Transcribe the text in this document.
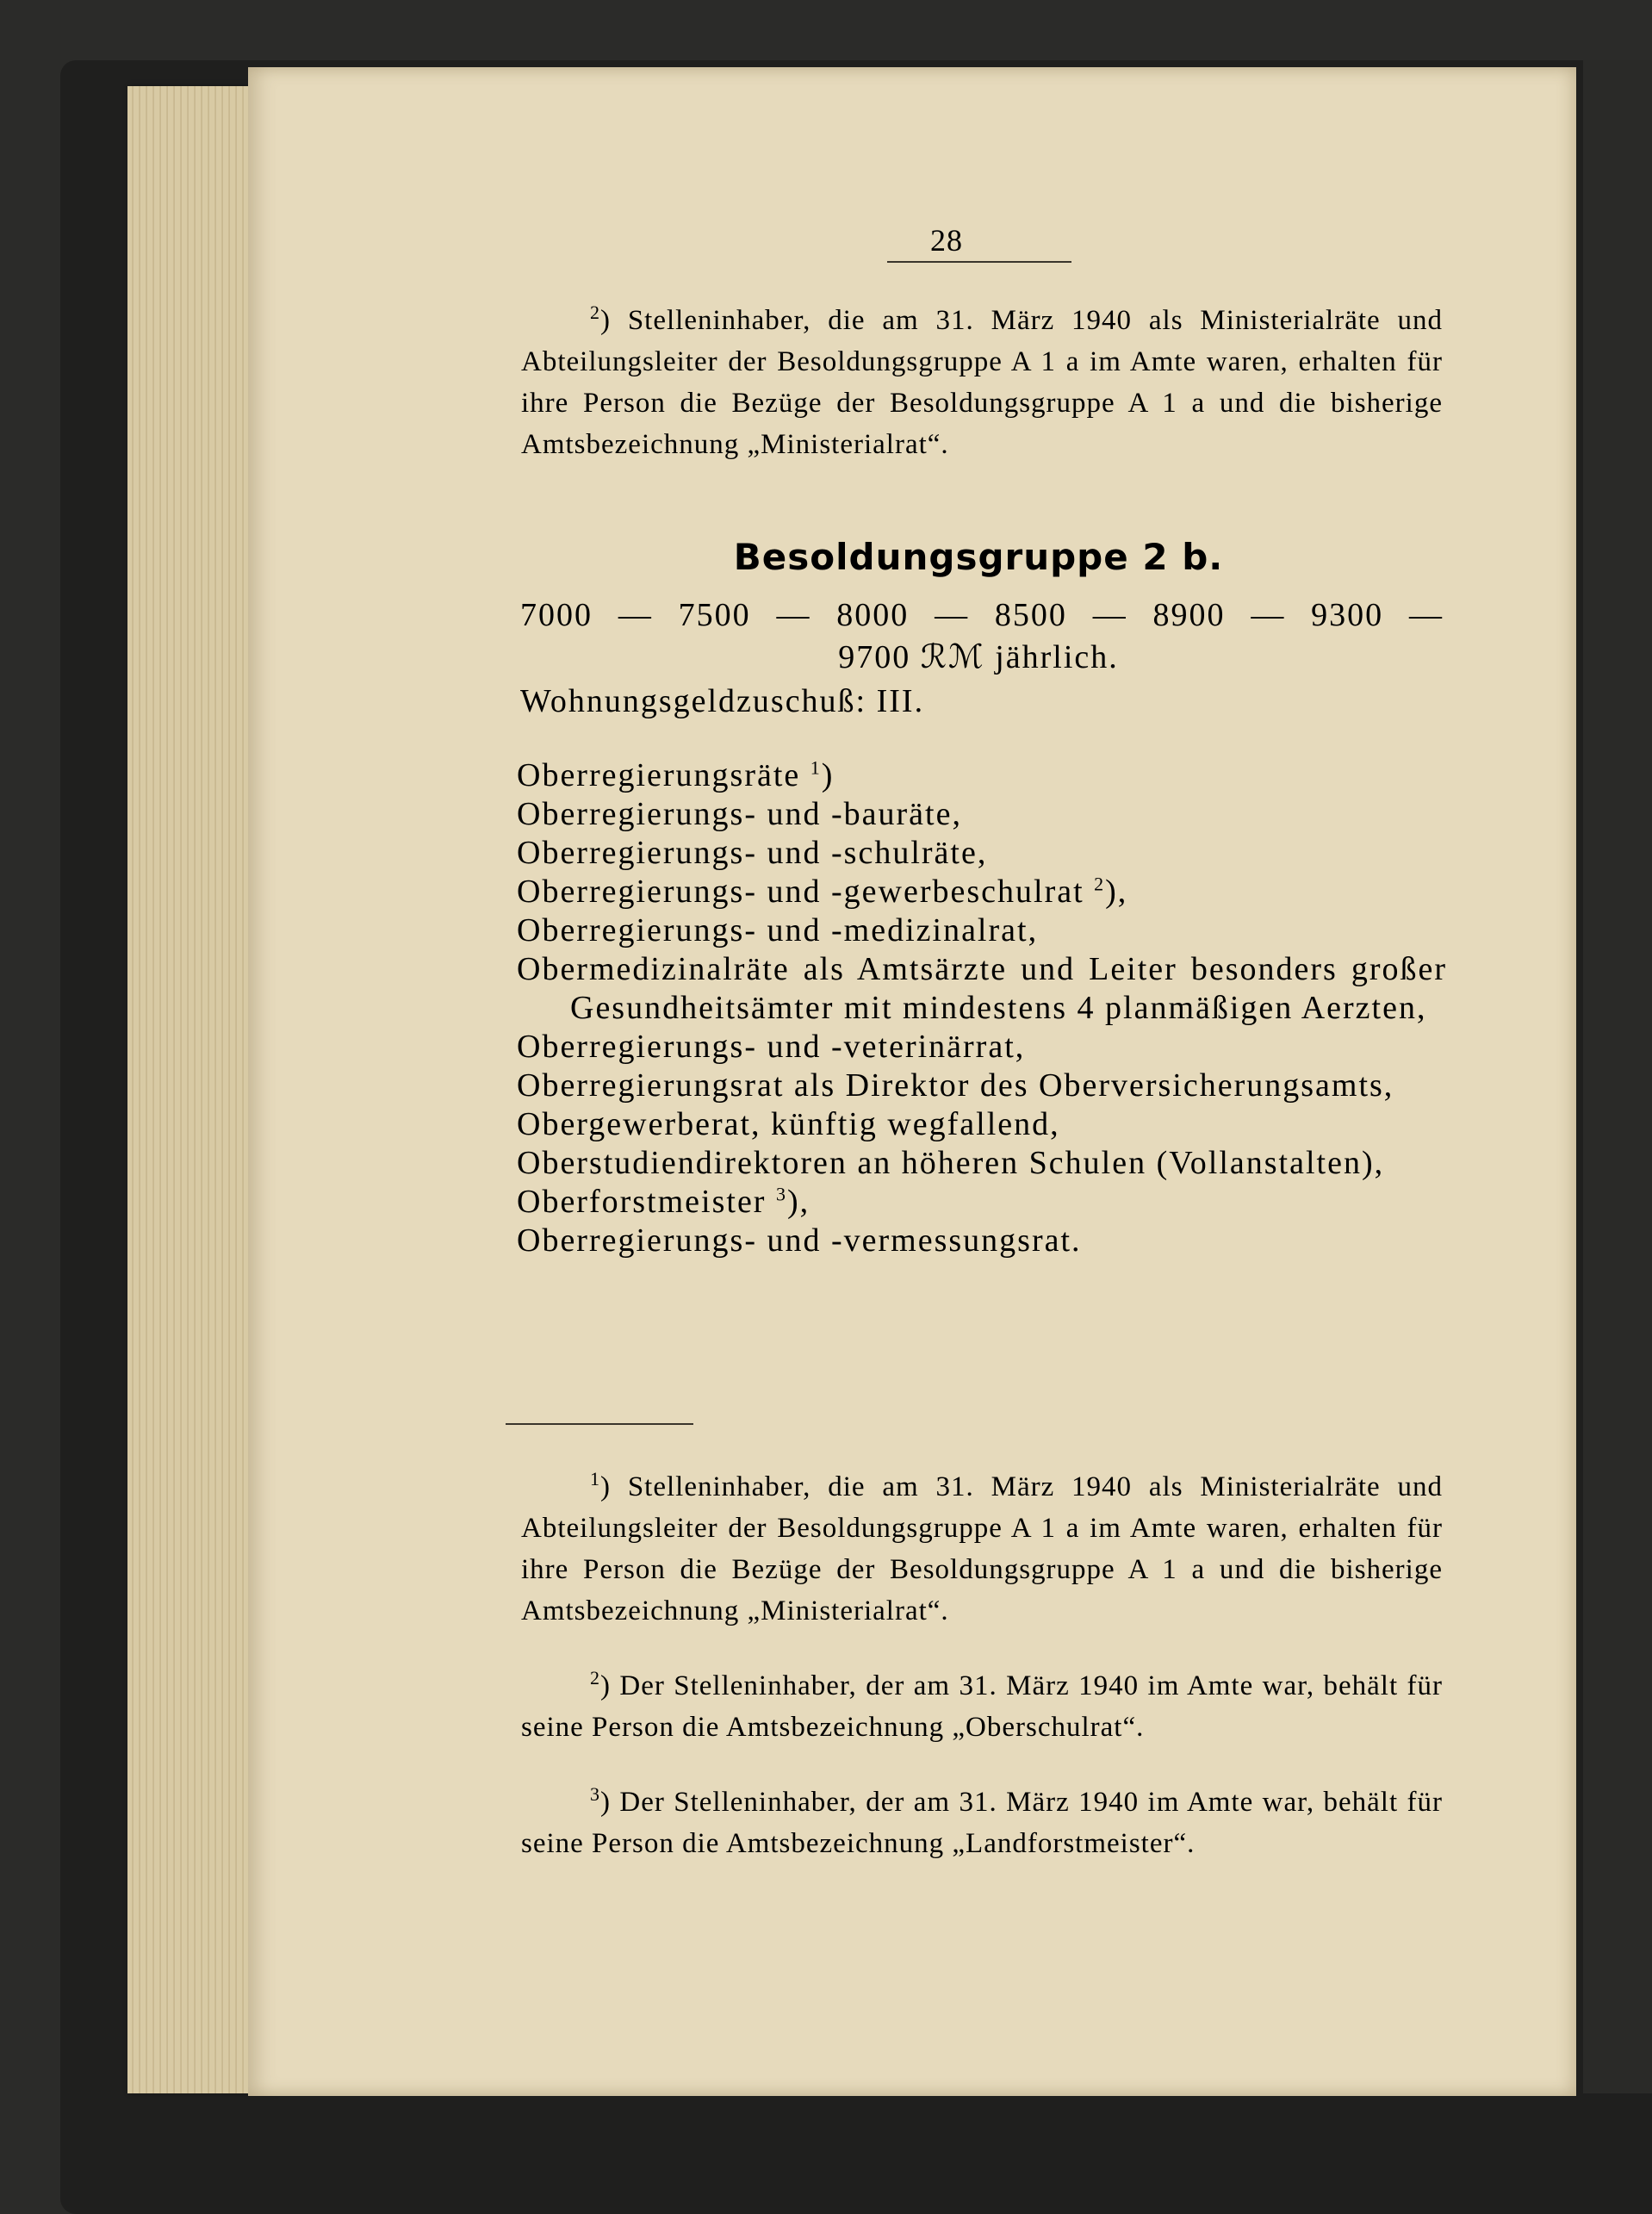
28

$^2$) Stelleninhaber, die am 31. März 1940 als Ministerialräte und Abteilungsleiter der Besoldungsgruppe A 1 a im Amte waren, erhalten für ihre Person die Bezüge der Besoldungsgruppe A 1 a und die bisherige Amtsbezeichnung „Ministerialrat“.

Besoldungsgruppe 2 b.
7000 — 7500 — 8000 — 8500 — 8900 — 9300 —
9700 ℛℳ jährlich.
Wohnungsgeldzuschuß: III.
Oberregierungsräte $^1$)
Oberregierungs- und -bauräte,
Oberregierungs- und -schulräte,
Oberregierungs- und -gewerbeschulrat $^2$),
Oberregierungs- und -medizinalrat,
Obermedizinalräte als Amtsärzte und Leiter besonders großer Gesundheitsämter mit mindestens 4 planmäßigen Aerzten,
Oberregierungs- und -veterinärrat,
Oberregierungsrat als Direktor des Oberversicherungsamts,
Obergewerberat, künftig wegfallend,
Oberstudiendirektoren an höheren Schulen (Vollanstalten),
Oberforstmeister $^3$),
Oberregierungs- und -vermessungsrat.

$^1$) Stelleninhaber, die am 31. März 1940 als Ministerialräte und Abteilungsleiter der Besoldungsgruppe A 1 a im Amte waren, erhalten für ihre Person die Bezüge der Besoldungsgruppe A 1 a und die bisherige Amtsbezeichnung „Ministerialrat“.

$^2$) Der Stelleninhaber, der am 31. März 1940 im Amte war, behält für seine Person die Amtsbezeichnung „Oberschulrat“.

$^3$) Der Stelleninhaber, der am 31. März 1940 im Amte war, behält für seine Person die Amtsbezeichnung „Landforstmeister“.
